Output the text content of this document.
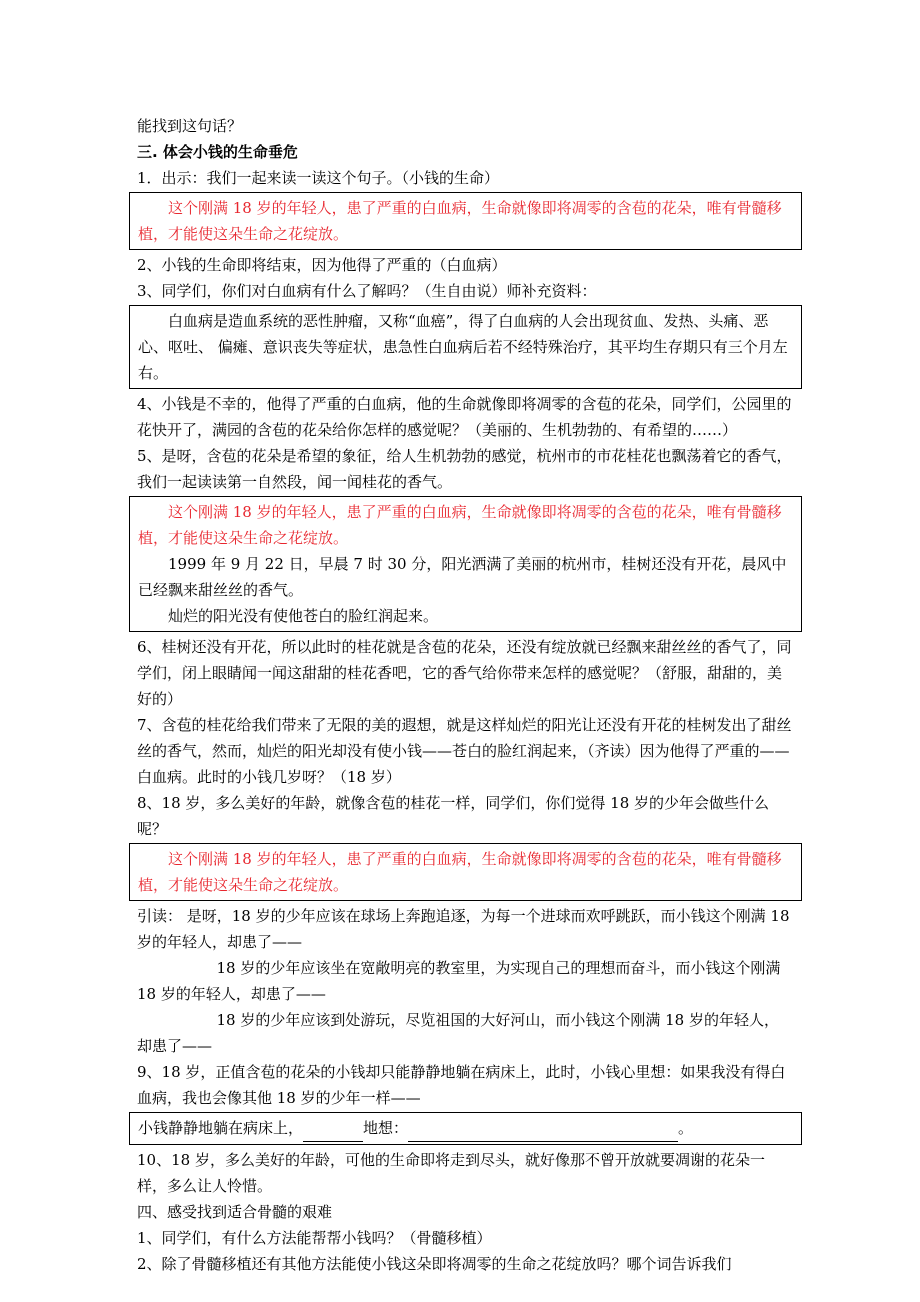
能找到这句话？

三. 体会小钱的生命垂危

1．出示：我们一起来读一读这个句子。（小钱的生命）

这个刚满 18 岁的年轻人，患了严重的白血病，生命就像即将凋零的含苞的花朵，唯有骨髓移植，才能使这朵生命之花绽放。

2、小钱的生命即将结束，因为他得了严重的（白血病）

3、同学们，你们对白血病有什么了解吗？（生自由说）师补充资料：

白血病是造血系统的恶性肿瘤，又称“血癌”，得了白血病的人会出现贫血、发热、头痛、恶心、呕吐、 偏瘫、意识丧失等症状，患急性白血病后若不经特殊治疗，其平均生存期只有三个月左右。

4、小钱是不幸的，他得了严重的白血病，他的生命就像即将凋零的含苞的花朵，同学们，公园里的花快开了，满园的含苞的花朵给你怎样的感觉呢？（美丽的、生机勃勃的、有希望的……）

5、是呀，含苞的花朵是希望的象征，给人生机勃勃的感觉，杭州市的市花桂花也飘荡着它的香气，我们一起读读第一自然段，闻一闻桂花的香气。

这个刚满 18 岁的年轻人，患了严重的白血病，生命就像即将凋零的含苞的花朵，唯有骨髓移植，才能使这朵生命之花绽放。

1999 年 9 月 22 日，早晨 7 时 30 分，阳光洒满了美丽的杭州市，桂树还没有开花，晨风中已经飘来甜丝丝的香气。

灿烂的阳光没有使他苍白的脸红润起来。

6、桂树还没有开花，所以此时的桂花就是含苞的花朵，还没有绽放就已经飘来甜丝丝的香气了，同学们，闭上眼睛闻一闻这甜甜的桂花香吧，它的香气给你带来怎样的感觉呢？（舒服，甜甜的，美好的）

7、含苞的桂花给我们带来了无限的美的遐想，就是这样灿烂的阳光让还没有开花的桂树发出了甜丝丝的香气，然而，灿烂的阳光却没有使小钱——苍白的脸红润起来，（齐读）因为他得了严重的——白血病。此时的小钱几岁呀？（18 岁）

8、18 岁，多么美好的年龄，就像含苞的桂花一样，同学们，你们觉得 18 岁的少年会做些什么呢？

这个刚满 18 岁的年轻人，患了严重的白血病，生命就像即将凋零的含苞的花朵，唯有骨髓移植，才能使这朵生命之花绽放。

引读： 是呀，18 岁的少年应该在球场上奔跑追逐，为每一个进球而欢呼跳跃，而小钱这个刚满 18 岁的年轻人，却患了——

18 岁的少年应该坐在宽敞明亮的教室里，为实现自己的理想而奋斗，而小钱这个刚满 18 岁的年轻人，却患了——

18 岁的少年应该到处游玩，尽览祖国的大好河山，而小钱这个刚满 18 岁的年轻人，却患了——

9、18 岁，正值含苞的花朵的小钱却只能静静地躺在病床上，此时，小钱心里想：如果我没有得白血病，我也会像其他 18 岁的少年一样——

小钱静静地躺在病床上，	地想：	。

10、18 岁，多么美好的年龄，可他的生命即将走到尽头，就好像那不曾开放就要凋谢的花朵一样，多么让人怜惜。

四、感受找到适合骨髓的艰难

1、同学们，有什么方法能帮帮小钱吗？（骨髓移植）

2、除了骨髓移植还有其他方法能使小钱这朵即将凋零的生命之花绽放吗？哪个词告诉我们
